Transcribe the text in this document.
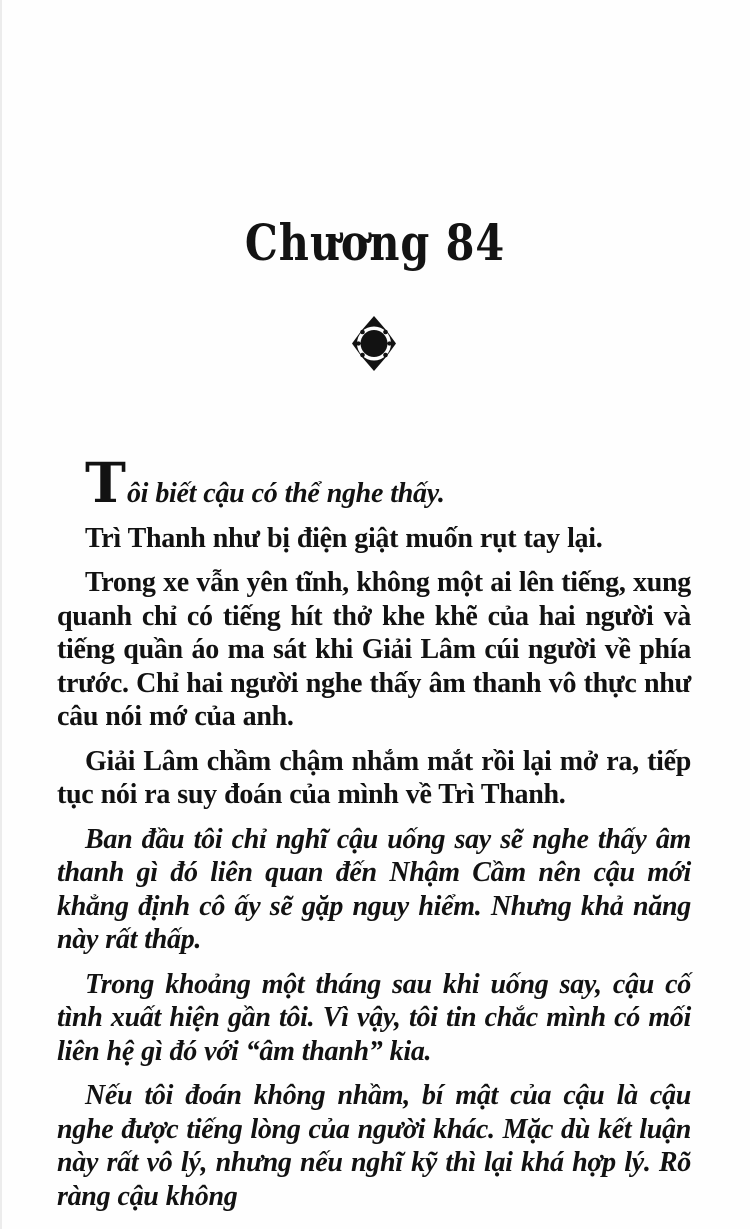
Chương 84

Tôi biết cậu có thể nghe thấy.

Trì Thanh như bị điện giật muốn rụt tay lại.

Trong xe vẫn yên tĩnh, không một ai lên tiếng, xung quanh chỉ có tiếng hít thở khe khẽ của hai người và tiếng quần áo ma sát khi Giải Lâm cúi người về phía trước. Chỉ hai người nghe thấy âm thanh vô thực như câu nói mớ của anh.

Giải Lâm chầm chậm nhắm mắt rồi lại mở ra, tiếp tục nói ra suy đoán của mình về Trì Thanh.

Ban đầu tôi chỉ nghĩ cậu uống say sẽ nghe thấy âm thanh gì đó liên quan đến Nhậm Cầm nên cậu mới khẳng định cô ấy sẽ gặp nguy hiểm. Nhưng khả năng này rất thấp.

Trong khoảng một tháng sau khi uống say, cậu cố tình xuất hiện gần tôi. Vì vậy, tôi tin chắc mình có mối liên hệ gì đó với “âm thanh” kia.

Nếu tôi đoán không nhầm, bí mật của cậu là cậu nghe được tiếng lòng của người khác. Mặc dù kết luận này rất vô lý, nhưng nếu nghĩ kỹ thì lại khá hợp lý. Rõ ràng cậu không
